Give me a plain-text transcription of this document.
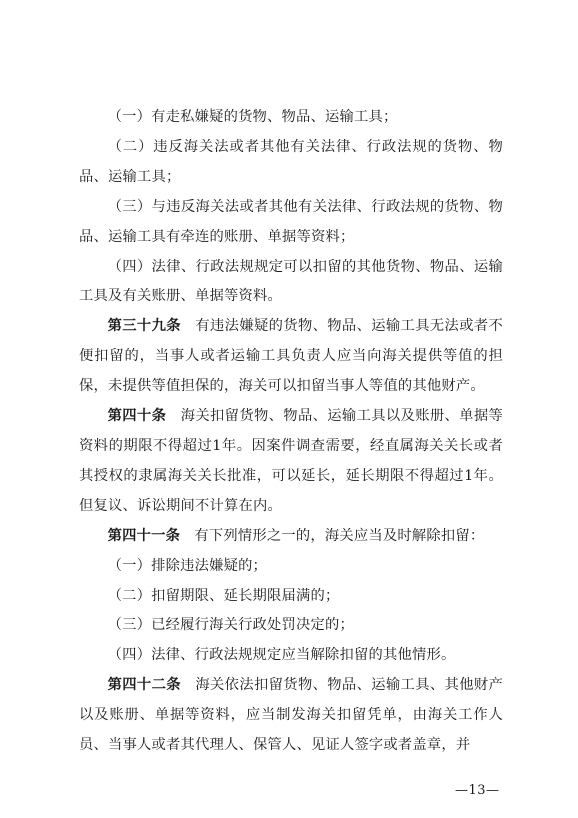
（一）有走私嫌疑的货物、物品、运输工具；

（二）违反海关法或者其他有关法律、行政法规的货物、物品、运输工具；

（三）与违反海关法或者其他有关法律、行政法规的货物、物品、运输工具有牵连的账册、单据等资料；

（四）法律、行政法规规定可以扣留的其他货物、物品、运输工具及有关账册、单据等资料。

第三十九条 有违法嫌疑的货物、物品、运输工具无法或者不便扣留的，当事人或者运输工具负责人应当向海关提供等值的担保，未提供等值担保的，海关可以扣留当事人等值的其他财产。

第四十条 海关扣留货物、物品、运输工具以及账册、单据等资料的期限不得超过1年。因案件调查需要，经直属海关关长或者其授权的隶属海关关长批准，可以延长，延长期限不得超过1年。但复议、诉讼期间不计算在内。

第四十一条 有下列情形之一的，海关应当及时解除扣留：

（一）排除违法嫌疑的；

（二）扣留期限、延长期限届满的；

（三）已经履行海关行政处罚决定的；

（四）法律、行政法规规定应当解除扣留的其他情形。

第四十二条 海关依法扣留货物、物品、运输工具、其他财产以及账册、单据等资料，应当制发海关扣留凭单，由海关工作人员、当事人或者其代理人、保管人、见证人签字或者盖章，并

—13—
